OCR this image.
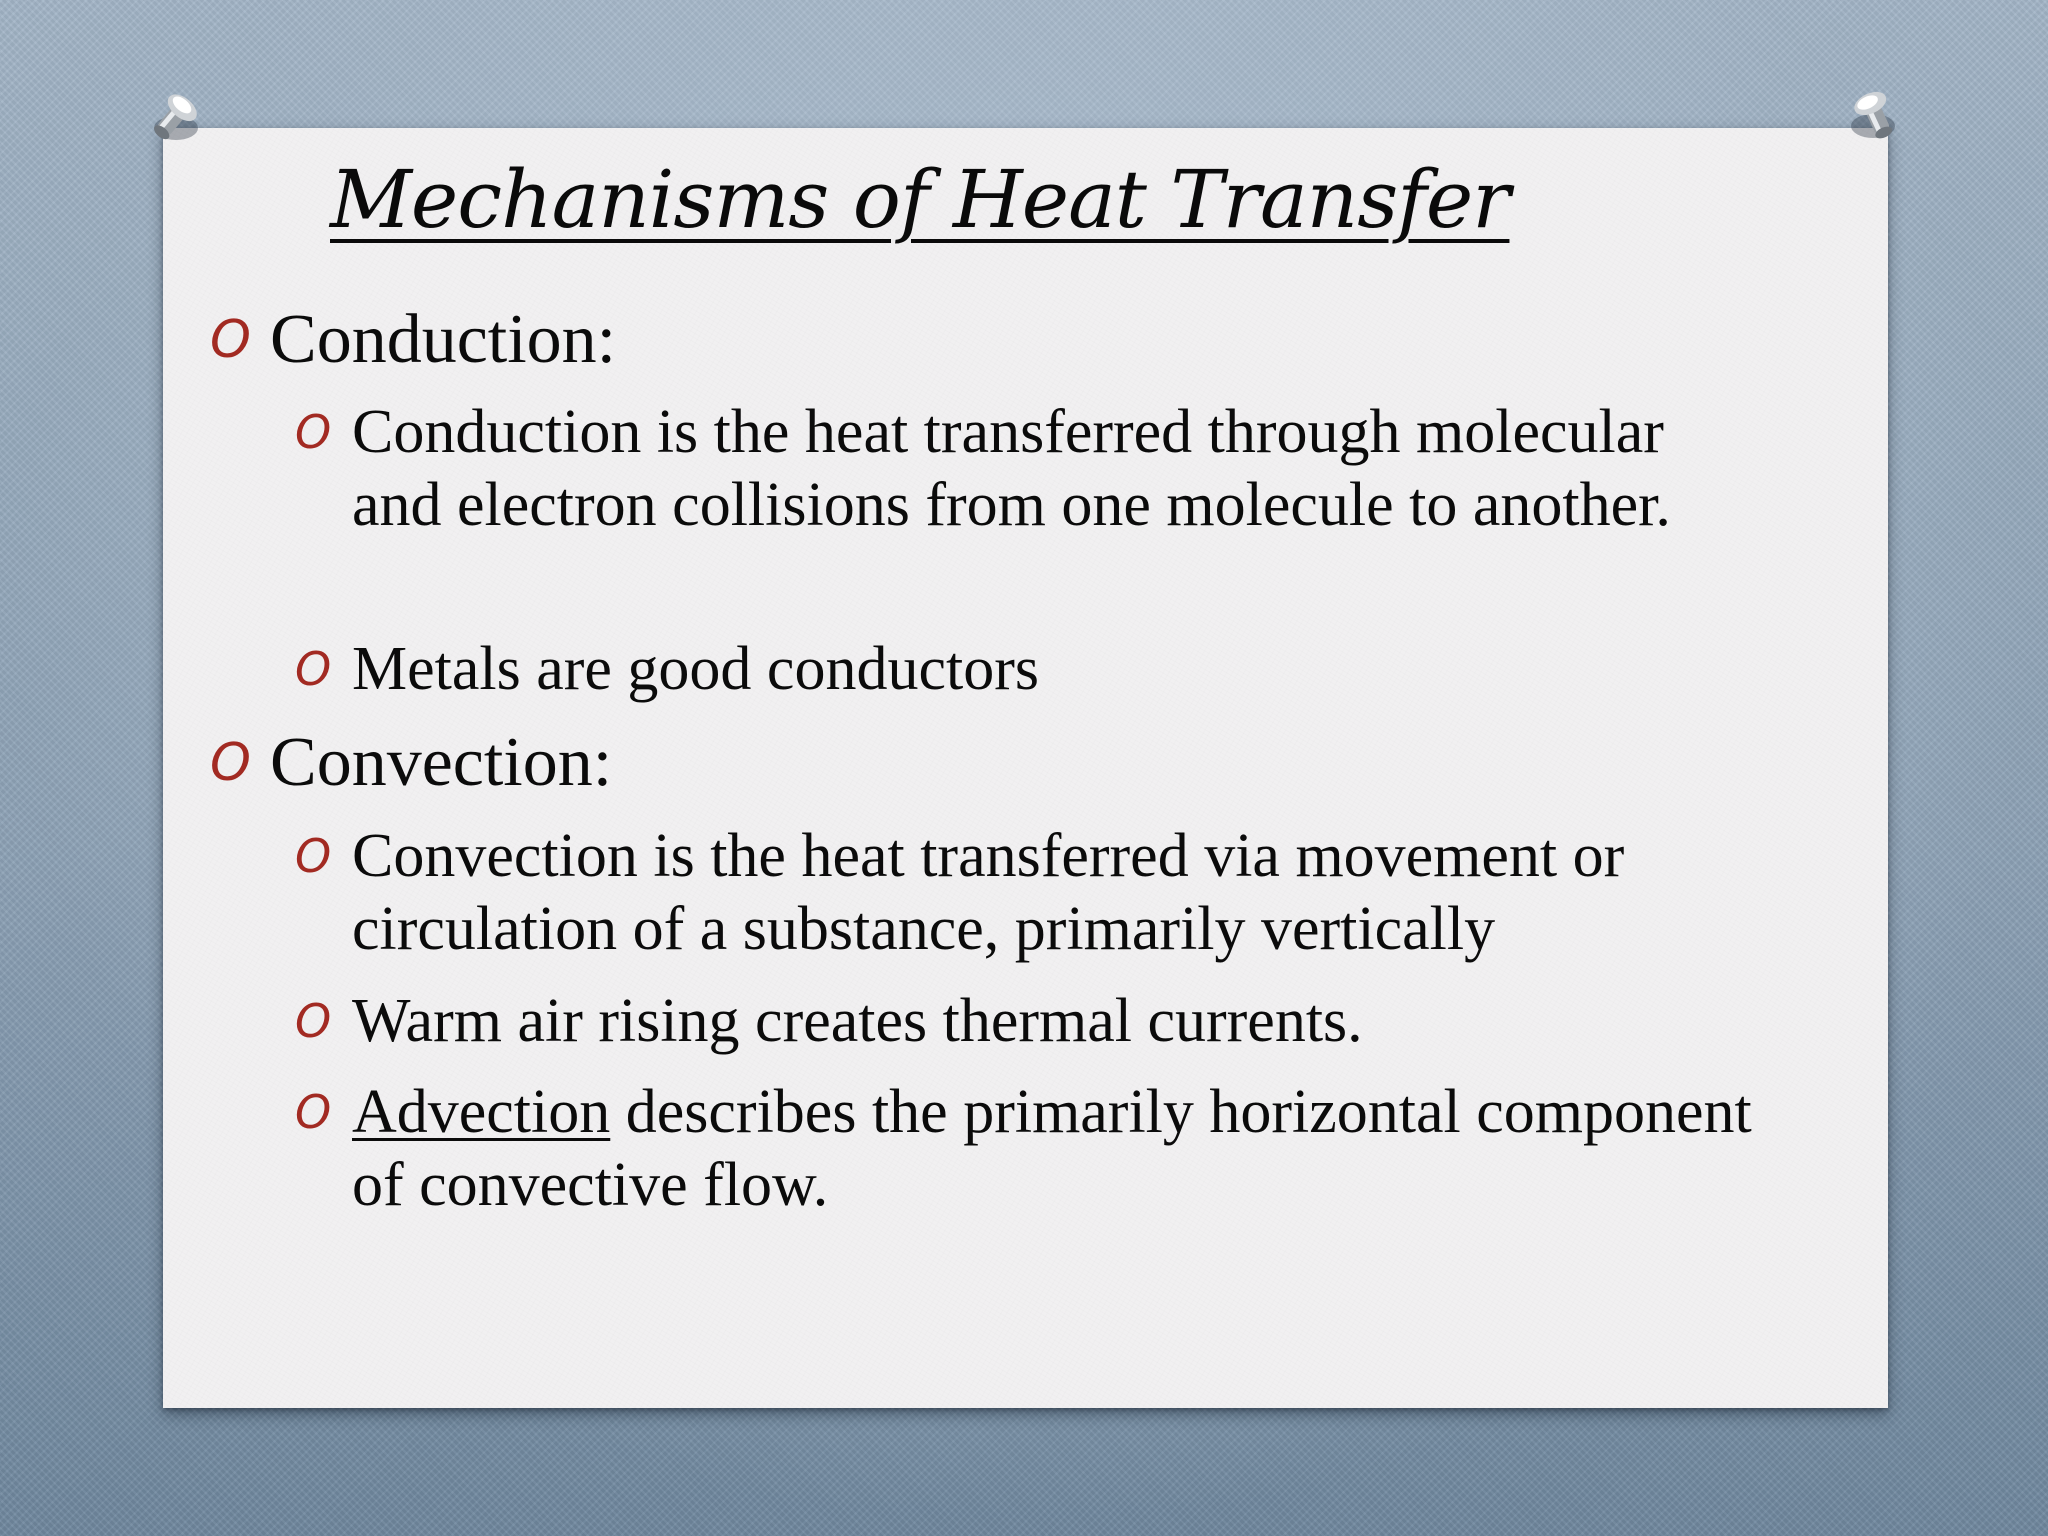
Mechanisms of Heat Transfer
O Conduction:
O Conduction is the heat transferred through molecular and electron collisions from one molecule to another.
O Metals are good conductors
O Convection:
O Convection is the heat transferred via movement or circulation of a substance, primarily vertically
O Warm air rising creates thermal currents.
O Advection describes the primarily horizontal component of convective flow.
